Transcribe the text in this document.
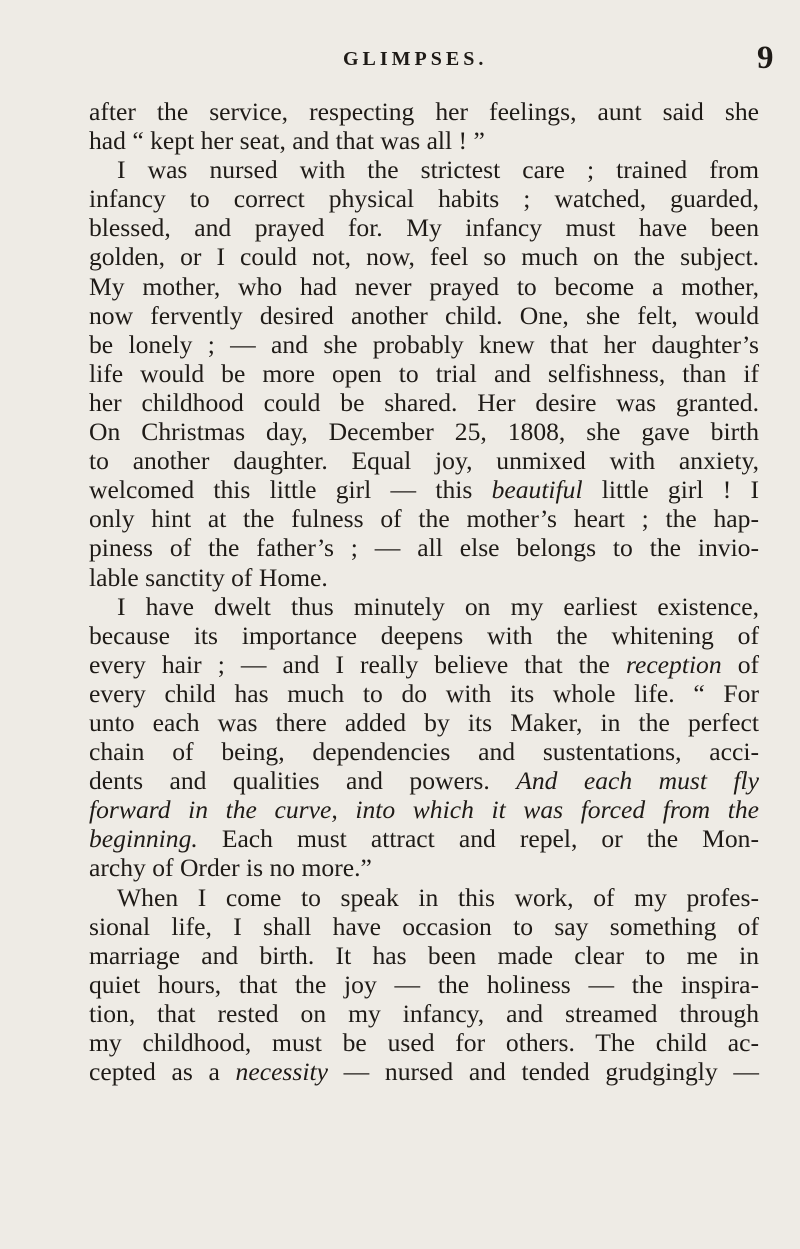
GLIMPSES.	9
after the service, respecting her feelings, aunt said she
had “ kept her seat, and that was all ! ”
I was nursed with the strictest care ; trained from
infancy to correct physical habits ; watched, guarded,
blessed, and prayed for. My infancy must have been
golden, or I could not, now, feel so much on the subject.
My mother, who had never prayed to become a mother,
now fervently desired another child. One, she felt, would
be lonely ; — and she probably knew that her daughter’s
life would be more open to trial and selfishness, than if
her childhood could be shared. Her desire was granted.
On Christmas day, December 25, 1808, she gave birth
to another daughter. Equal joy, unmixed with anxiety,
welcomed this little girl — this beautiful little girl ! I
only hint at the fulness of the mother’s heart ; the hap-
piness of the father’s ; — all else belongs to the invio-
lable sanctity of Home.
I have dwelt thus minutely on my earliest existence,
because its importance deepens with the whitening of
every hair ; — and I really believe that the reception of
every child has much to do with its whole life. “ For
unto each was there added by its Maker, in the perfect
chain of being, dependencies and sustentations, acci-
dents and qualities and powers. And each must fly
forward in the curve, into which it was forced from the
beginning. Each must attract and repel, or the Mon-
archy of Order is no more.”
When I come to speak in this work, of my profes-
sional life, I shall have occasion to say something of
marriage and birth. It has been made clear to me in
quiet hours, that the joy — the holiness — the inspira-
tion, that rested on my infancy, and streamed through
my childhood, must be used for others. The child ac-
cepted as a necessity — nursed and tended grudgingly —
